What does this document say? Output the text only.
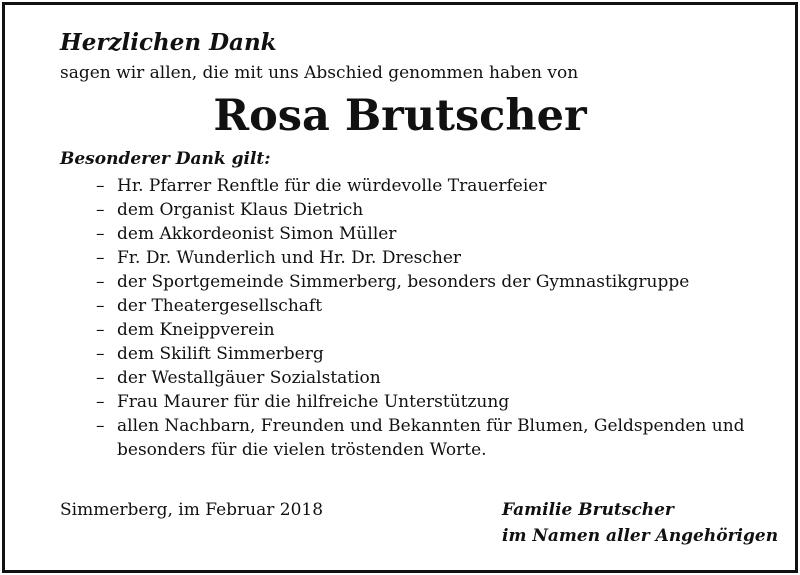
Herzlichen Dank

sagen wir allen, die mit uns Abschied genommen haben von

Rosa Brutscher
Besonderer Dank gilt:
– Hr. Pfarrer Renftle für die würdevolle Trauerfeier
– dem Organist Klaus Dietrich
– dem Akkordeonist Simon Müller
– Fr. Dr. Wunderlich und Hr. Dr. Drescher
– der Sportgemeinde Simmerberg, besonders der Gymnastikgruppe
– der Theatergesellschaft
– dem Kneippverein
– dem Skilift Simmerberg
– der Westallgäuer Sozialstation
– Frau Maurer für die hilfreiche Unterstützung
– allen Nachbarn, Freunden und Bekannten für Blumen, Geldspenden und besonders für die vielen tröstenden Worte.
Simmerberg, im Februar 2018	Familie Brutscher
im Namen aller Angehörigen
